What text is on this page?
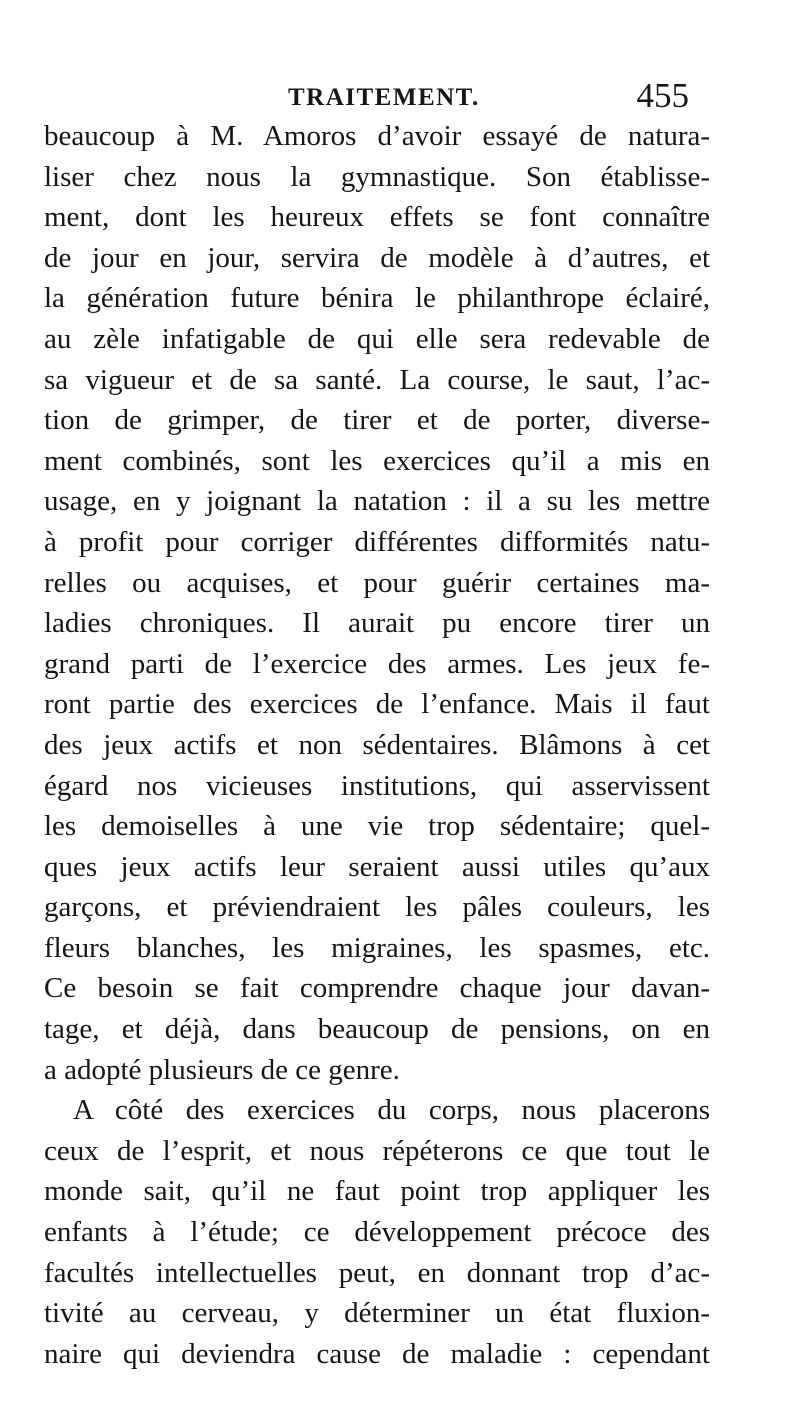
TRAITEMENT.	455
beaucoup à M. Amoros d’avoir essayé de natura-
liser chez nous la gymnastique. Son établisse-
ment, dont les heureux effets se font connaître
de jour en jour, servira de modèle à d’autres, et
la génération future bénira le philanthrope éclairé,
au zèle infatigable de qui elle sera redevable de
sa vigueur et de sa santé. La course, le saut, l’ac-
tion de grimper, de tirer et de porter, diverse-
ment combinés, sont les exercices qu’il a mis en
usage, en y joignant la natation : il a su les mettre
à profit pour corriger différentes difformités natu-
relles ou acquises, et pour guérir certaines ma-
ladies chroniques. Il aurait pu encore tirer un
grand parti de l’exercice des armes. Les jeux fe-
ront partie des exercices de l’enfance. Mais il faut
des jeux actifs et non sédentaires. Blâmons à cet
égard nos vicieuses institutions, qui asservissent
les demoiselles à une vie trop sédentaire; quel-
ques jeux actifs leur seraient aussi utiles qu’aux
garçons, et préviendraient les pâles couleurs, les
fleurs blanches, les migraines, les spasmes, etc.
Ce besoin se fait comprendre chaque jour davan-
tage, et déjà, dans beaucoup de pensions, on en
a adopté plusieurs de ce genre.
A côté des exercices du corps, nous placerons
ceux de l’esprit, et nous répéterons ce que tout le
monde sait, qu’il ne faut point trop appliquer les
enfants à l’étude; ce développement précoce des
facultés intellectuelles peut, en donnant trop d’ac-
tivité au cerveau, y déterminer un état fluxion-
naire qui deviendra cause de maladie : cependant
